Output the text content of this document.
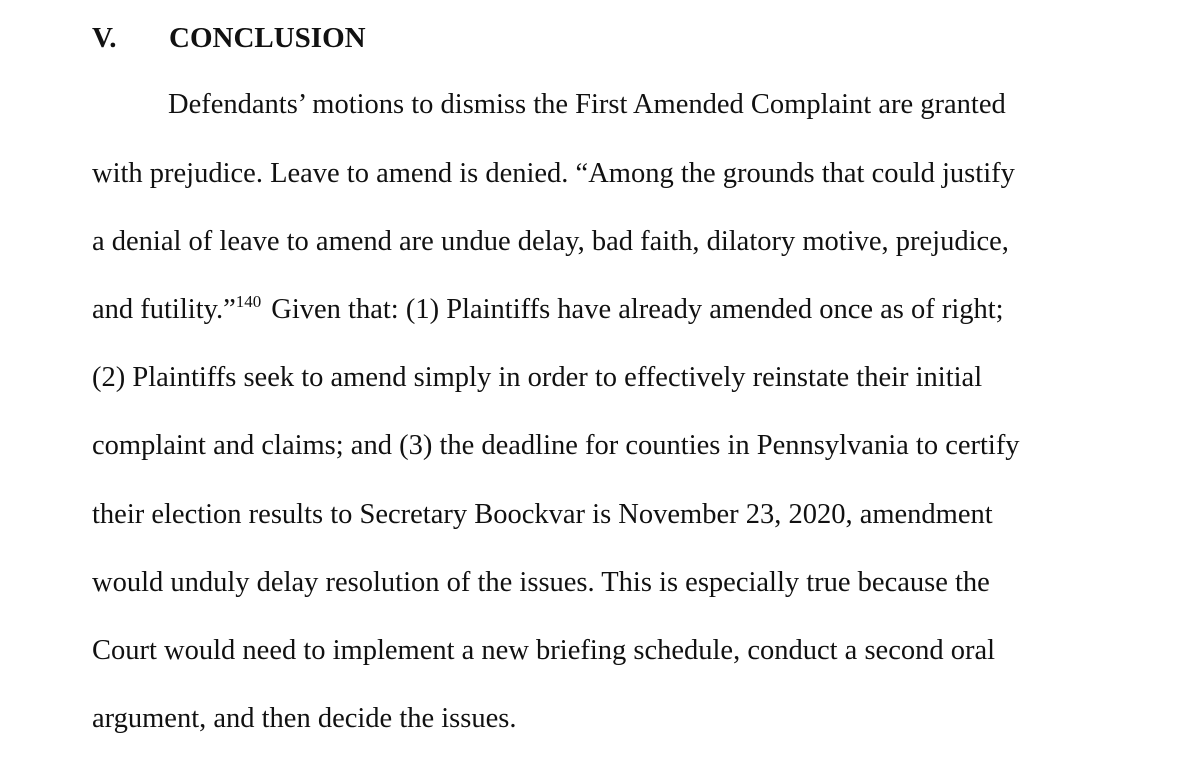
V. CONCLUSION
Defendants’ motions to dismiss the First Amended Complaint are granted
with prejudice. Leave to amend is denied. “Among the grounds that could justify
a denial of leave to amend are undue delay, bad faith, dilatory motive, prejudice,
and futility.”$^{140}$ Given that: (1) Plaintiffs have already amended once as of right;
(2) Plaintiffs seek to amend simply in order to effectively reinstate their initial
complaint and claims; and (3) the deadline for counties in Pennsylvania to certify
their election results to Secretary Boockvar is November 23, 2020, amendment
would unduly delay resolution of the issues. This is especially true because the
Court would need to implement a new briefing schedule, conduct a second oral
argument, and then decide the issues.
